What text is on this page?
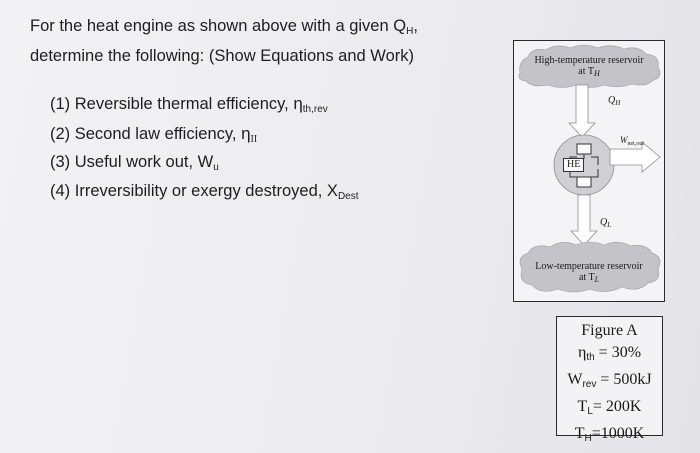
For the heat engine as shown above with a given QH,
determine the following: (Show Equations and Work)
(1) Reversible thermal efficiency, ηth,rev
(2) Second law efficiency, ηII
(3) Useful work out, Wu
(4) Irreversibility or exergy destroyed, XDest
High-temperature reservoir
at $T_H$
$Q_H$
HE
$W_{net,out}$
$Q_L$
Low-temperature reservoir
at $T_L$
Figure A
ηth = 30%
Wrev = 500kJ
TL= 200K
TH=1000K
